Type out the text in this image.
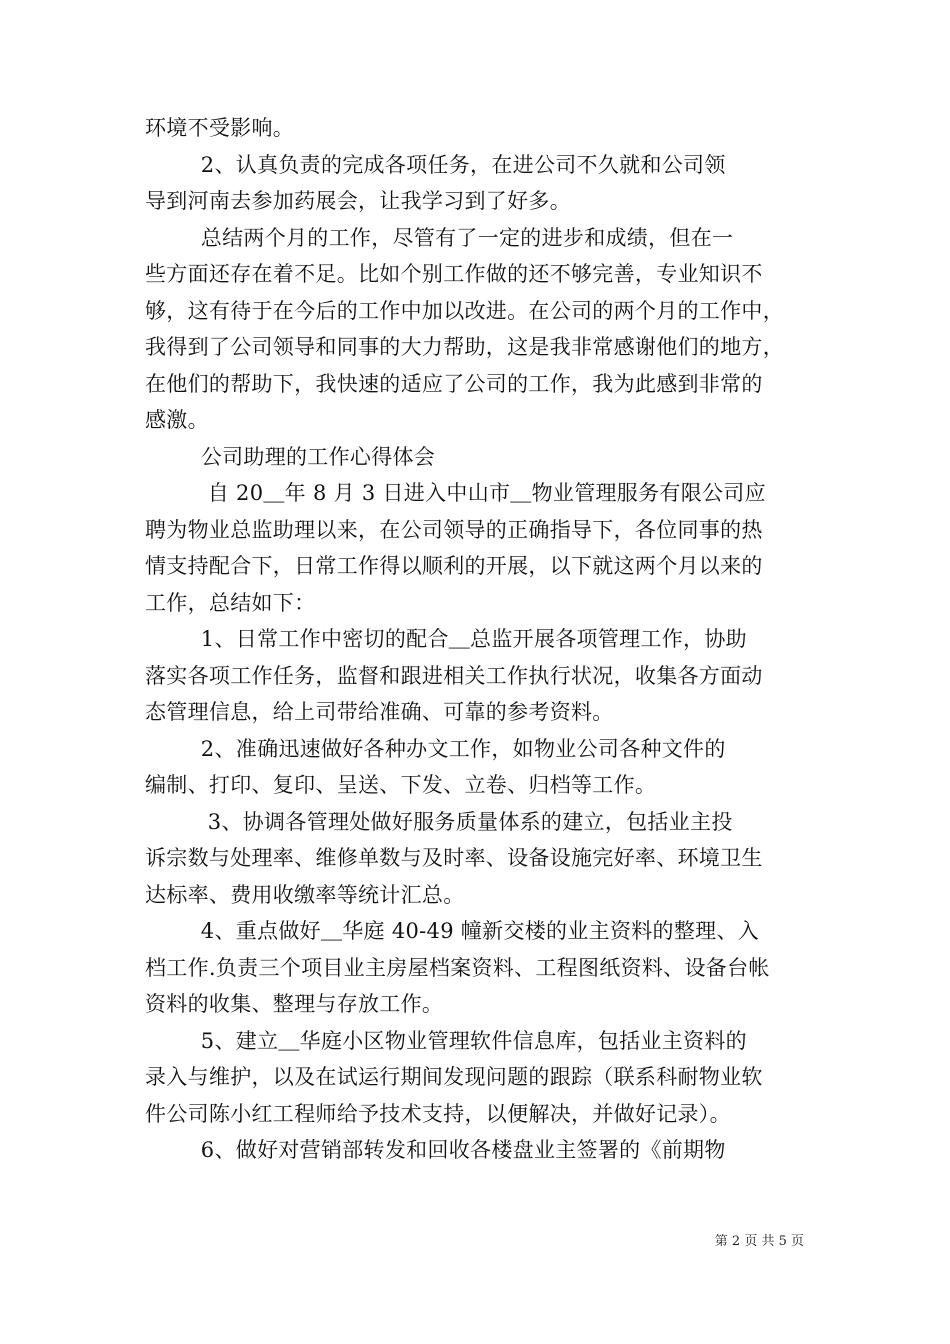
环境不受影响。

2、认真负责的完成各项任务，在进公司不久就和公司领

导到河南去参加药展会，让我学习到了好多。

总结两个月的工作，尽管有了一定的进步和成绩，但在一

些方面还存在着不足。比如个别工作做的还不够完善，专业知识不

够，这有待于在今后的工作中加以改进。在公司的两个月的工作中，

我得到了公司领导和同事的大力帮助，这是我非常感谢他们的地方，

在他们的帮助下，我快速的适应了公司的工作，我为此感到非常的

感激。

公司助理的工作心得体会

自 20＿年 8 月 3 日进入中山市＿物业管理服务有限公司应

聘为物业总监助理以来，在公司领导的正确指导下，各位同事的热

情支持配合下，日常工作得以顺利的开展，以下就这两个月以来的

工作，总结如下：

1、日常工作中密切的配合＿总监开展各项管理工作，协助

落实各项工作任务，监督和跟进相关工作执行状况，收集各方面动

态管理信息，给上司带给准确、可靠的参考资料。

2、准确迅速做好各种办文工作，如物业公司各种文件的

编制、打印、复印、呈送、下发、立卷、归档等工作。

3、协调各管理处做好服务质量体系的建立，包括业主投

诉宗数与处理率、维修单数与及时率、设备设施完好率、环境卫生

达标率、费用收缴率等统计汇总。

4、重点做好＿华庭 40-49 幢新交楼的业主资料的整理、入

档工作.负责三个项目业主房屋档案资料、工程图纸资料、设备台帐

资料的收集、整理与存放工作。

5、建立＿华庭小区物业管理软件信息库，包括业主资料的

录入与维护，以及在试运行期间发现问题的跟踪（联系科耐物业软

件公司陈小红工程师给予技术支持，以便解决，并做好记录）。

6、做好对营销部转发和回收各楼盘业主签署的《前期物

第 2 页 共 5 页
